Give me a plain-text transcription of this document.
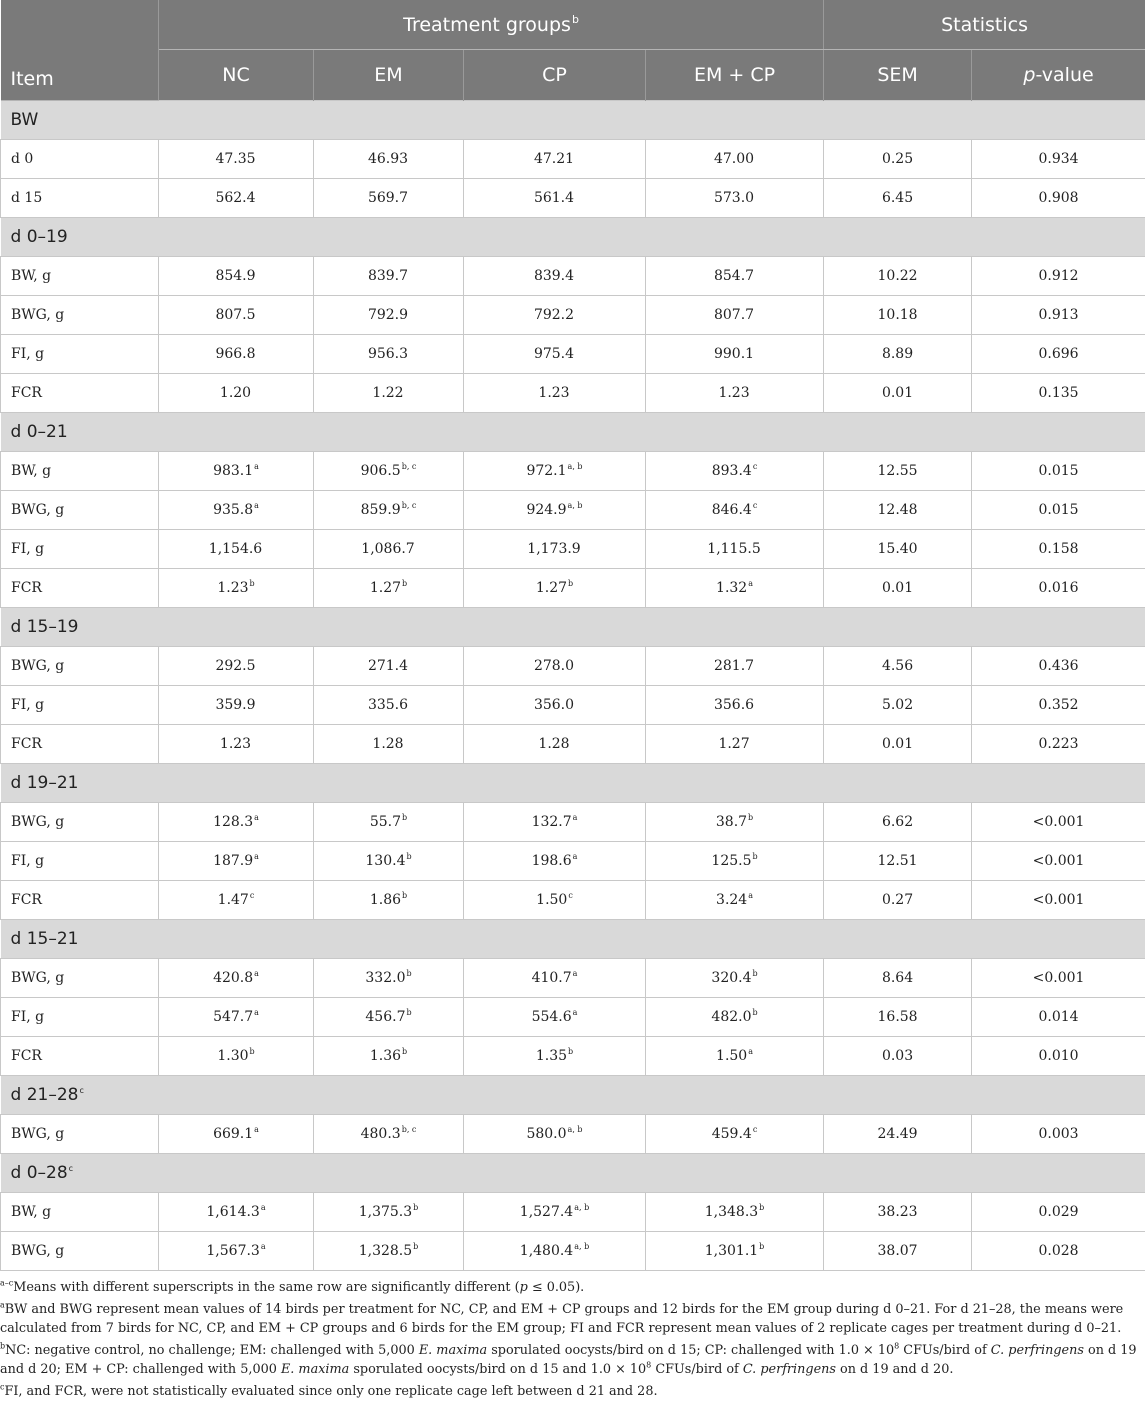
Item	Treatment groups$^b$				Statistics	
	NC	EM	CP	EM + CP	SEM	p-value
BW						
d 0	47.35	46.93	47.21	47.00	0.25	0.934
d 15	562.4	569.7	561.4	573.0	6.45	0.908
d 0–19						
BW, g	854.9	839.7	839.4	854.7	10.22	0.912
BWG, g	807.5	792.9	792.2	807.7	10.18	0.913
FI, g	966.8	956.3	975.4	990.1	8.89	0.696
FCR	1.20	1.22	1.23	1.23	0.01	0.135
d 0–21						
BW, g	983.1$^a$	906.5$^{b, c}$	972.1$^{a, b}$	893.4$^c$	12.55	0.015
BWG, g	935.8$^a$	859.9$^{b, c}$	924.9$^{a, b}$	846.4$^c$	12.48	0.015
FI, g	1,154.6	1,086.7	1,173.9	1,115.5	15.40	0.158
FCR	1.23$^b$	1.27$^b$	1.27$^b$	1.32$^a$	0.01	0.016
d 15–19						
BWG, g	292.5	271.4	278.0	281.7	4.56	0.436
FI, g	359.9	335.6	356.0	356.6	5.02	0.352
FCR	1.23	1.28	1.28	1.27	0.01	0.223
d 19–21						
BWG, g	128.3$^a$	55.7$^b$	132.7$^a$	38.7$^b$	6.62	<0.001
FI, g	187.9$^a$	130.4$^b$	198.6$^a$	125.5$^b$	12.51	<0.001
FCR	1.47$^c$	1.86$^b$	1.50$^c$	3.24$^a$	0.27	<0.001
d 15–21						
BWG, g	420.8$^a$	332.0$^b$	410.7$^a$	320.4$^b$	8.64	<0.001
FI, g	547.7$^a$	456.7$^b$	554.6$^a$	482.0$^b$	16.58	0.014
FCR	1.30$^b$	1.36$^b$	1.35$^b$	1.50$^a$	0.03	0.010
d 21–28$^c$
BWG, g	669.1$^a$	480.3$^{b, c}$	580.0$^{a, b}$	459.4$^c$	24.49	0.003
d 0–28$^c$
BW, g	1,614.3$^a$	1,375.3$^b$	1,527.4$^{a, b}$	1,348.3$^b$	38.23	0.029
BWG, g	1,567.3$^a$	1,328.5$^b$	1,480.4$^{a, b}$	1,301.1$^b$	38.07	0.028

$^{a-c}$Means with different superscripts in the same row are significantly different (p ≤ 0.05).

$^a$BW and BWG represent mean values of 14 birds per treatment for NC, CP, and EM + CP groups and 12 birds for the EM group during d 0–21. For d 21–28, the means were calculated from 7 birds for NC, CP, and EM + CP groups and 6 birds for the EM group; FI and FCR represent mean values of 2 replicate cages per treatment during d 0–21.

$^b$NC: negative control, no challenge; EM: challenged with 5,000 E. maxima sporulated oocysts/bird on d 15; CP: challenged with $1.0 \times 10^8$ CFUs/bird of C. perfringens on d 19 and d 20; EM + CP: challenged with 5,000 E. maxima sporulated oocysts/bird on d 15 and $1.0 \times 10^8$ CFUs/bird of C. perfringens on d 19 and d 20.

$^c$FI, and FCR, were not statistically evaluated since only one replicate cage left between d 21 and 28.
